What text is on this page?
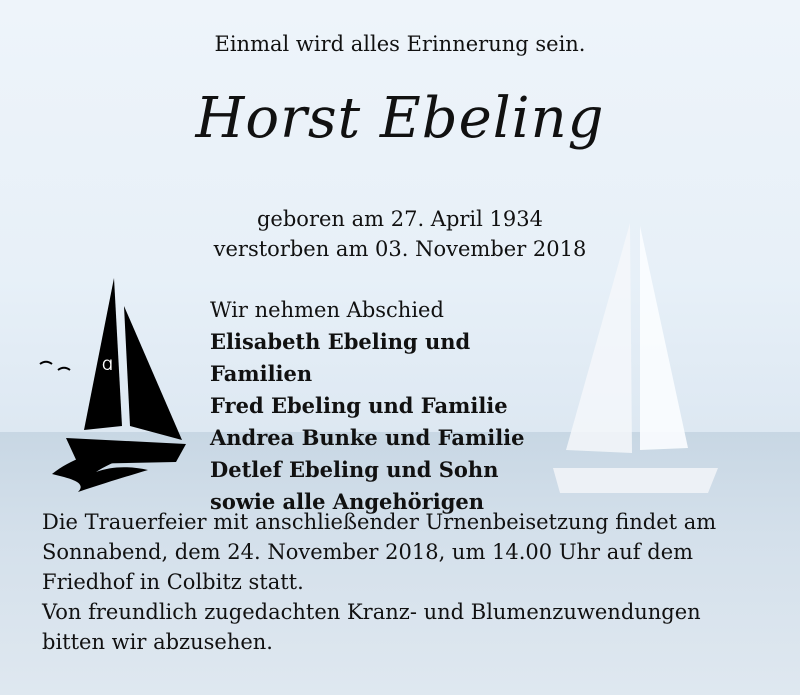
Einmal wird alles Erinnerung sein.
Horst Ebeling
geboren am 27. April 1934
verstorben am 03. November 2018
Ɑ
Wir nehmen Abschied
Elisabeth Ebeling und Familien
Fred Ebeling und Familie
Andrea Bunke und Familie
Detlef Ebeling und Sohn
sowie alle Angehörigen
Die Trauerfeier mit anschließender Urnenbeisetzung findet am
Sonnabend, dem 24. November 2018, um 14.00 Uhr auf dem
Friedhof in Colbitz statt.
Von freundlich zugedachten Kranz- und Blumenzuwendungen
bitten wir abzusehen.
